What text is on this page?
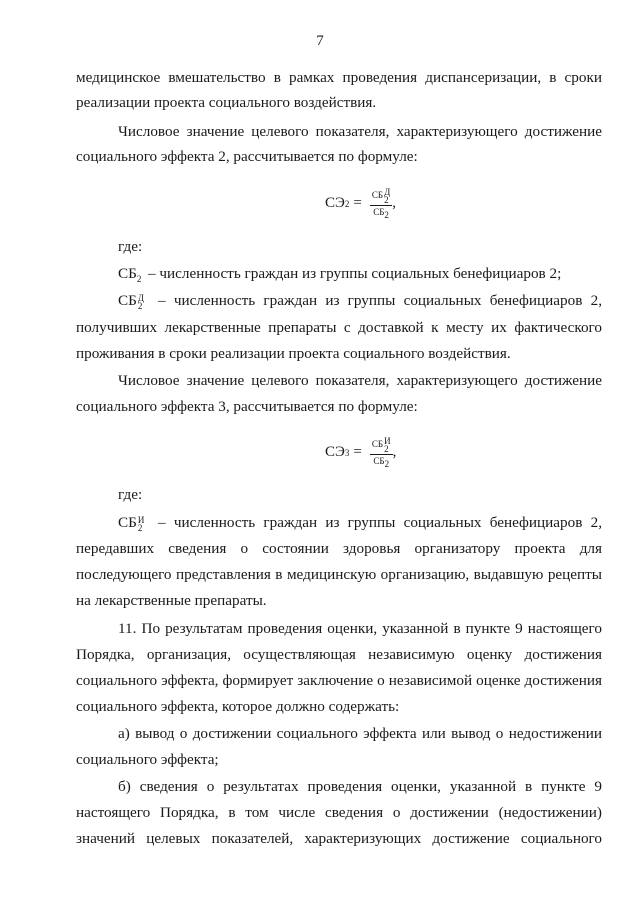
7
медицинское вмешательство в рамках проведения диспансеризации, в сроки
реализации проекта социального воздействия.
Числовое значение целевого показателя, характеризующего достижение
социального эффекта 2, рассчитывается по формуле:
СЭ 2 = СБ Д
2
$СБ_2$ ,
где:
$СБ_2$ – численность граждан из группы социальных бенефициаров 2;
СБ Д
2 – численность граждан из группы социальных бенефициаров 2,
получивших лекарственные препараты с доставкой к месту их фактического
проживания в сроки реализации проекта социального воздействия.
Числовое значение целевого показателя, характеризующего достижение
социального эффекта 3, рассчитывается по формуле:
СЭ 3 = СБ И
2
$СБ_2$ ,
где:
СБ И
2 – численность граждан из группы социальных бенефициаров 2,
передавших сведения о состоянии здоровья организатору проекта для
последующего представления в медицинскую организацию, выдавшую рецепты
на лекарственные препараты.
11. По результатам проведения оценки, указанной в пункте 9 настоящего
Порядка, организация, осуществляющая независимую оценку достижения
социального эффекта, формирует заключение о независимой оценке достижения
социального эффекта, которое должно содержать:
а) вывод о достижении социального эффекта или вывод о недостижении
социального эффекта;
б) сведения о результатах проведения оценки, указанной в пункте 9
настоящего Порядка, в том числе сведения о достижении (недостижении)
значений целевых показателей, характеризующих достижение социального
